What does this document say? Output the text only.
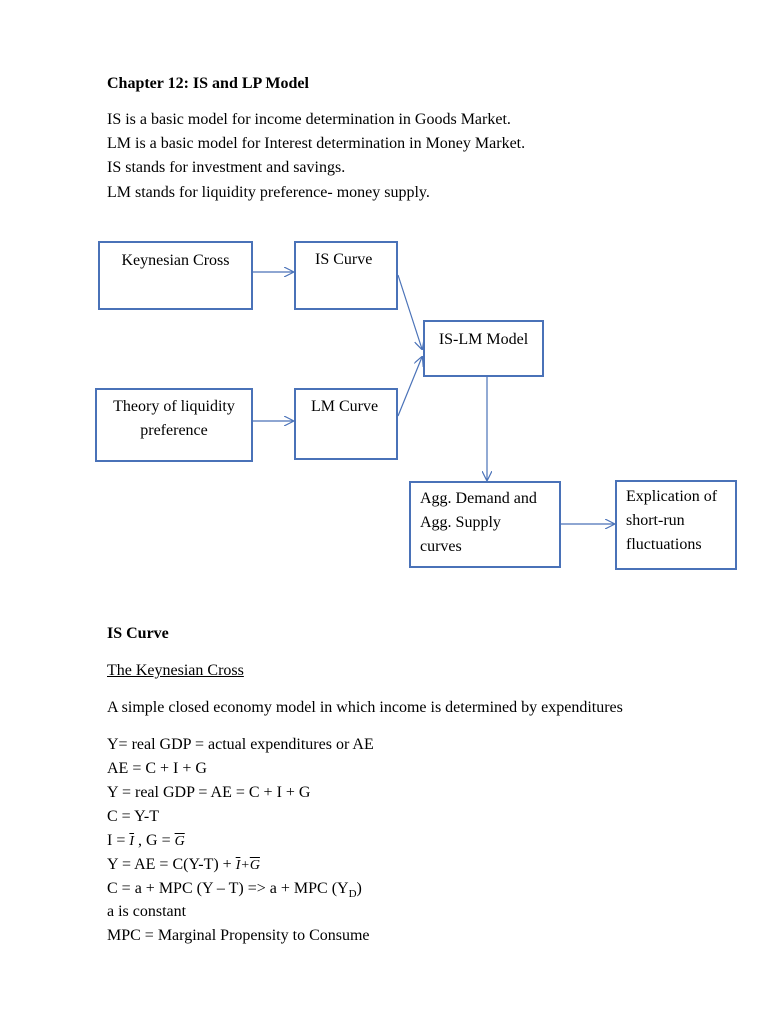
Chapter 12: IS and LP Model
IS is a basic model for income determination in Goods Market.
LM is a basic model for Interest determination in Money Market.
IS stands for investment and savings.
LM stands for liquidity preference- money supply.
Keynesian Cross	IS Curve
IS-LM Model
Theory of liquidity
preference
LM Curve
Agg. Demand and
Agg. Supply
curves
Explication of
short-run
fluctuations
IS Curve
The Keynesian Cross
A simple closed economy model in which income is determined by expenditures
Y= real GDP = actual expenditures or AE
AE = C + I + G
Y = real GDP = AE = C + I + G
C = Y-T
$I = \overline{I}$ , $G = \overline{G}$
Y = AE = $C(Y-T) + \overline{I}+\overline{G}$
C = a + MPC (Y – T) => a + MPC $(Y_D)$
a is constant
MPC = Marginal Propensity to Consume
